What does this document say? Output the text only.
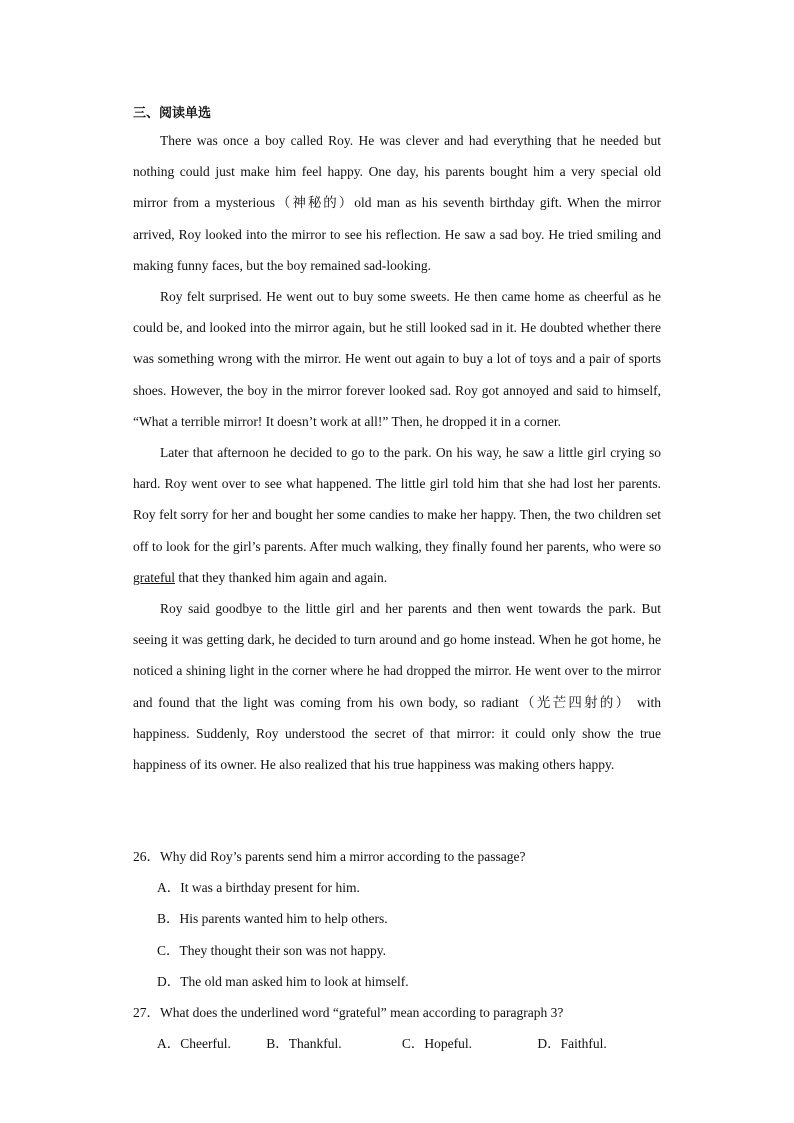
三、阅读单选

There was once a boy called Roy. He was clever and had everything that he needed but nothing could just make him feel happy. One day, his parents bought him a very special old mirror from a mysterious（神秘的）old man as his seventh birthday gift. When the mirror arrived, Roy looked into the mirror to see his reflection. He saw a sad boy. He tried smiling and making funny faces, but the boy remained sad-looking.

Roy felt surprised. He went out to buy some sweets. He then came home as cheerful as he could be, and looked into the mirror again, but he still looked sad in it. He doubted whether there was something wrong with the mirror. He went out again to buy a lot of toys and a pair of sports shoes. However, the boy in the mirror forever looked sad. Roy got annoyed and said to himself, “What a terrible mirror! It doesn’t work at all!” Then, he dropped it in a corner.

Later that afternoon he decided to go to the park. On his way, he saw a little girl crying so hard. Roy went over to see what happened. The little girl told him that she had lost her parents. Roy felt sorry for her and bought her some candies to make her happy. Then, the two children set off to look for the girl’s parents. After much walking, they finally found her parents, who were so grateful that they thanked him again and again.

Roy said goodbye to the little girl and her parents and then went towards the park. But seeing it was getting dark, he decided to turn around and go home instead. When he got home, he noticed a shining light in the corner where he had dropped the mirror. He went over to the mirror and found that the light was coming from his own body, so radiant（光芒四射的） with happiness. Suddenly, Roy understood the secret of that mirror: it could only show the true happiness of its owner. He also realized that his true happiness was making others happy.

26．Why did Roy’s parents send him a mirror according to the passage?
A．It was a birthday present for him.
B．His parents wanted him to help others.
C．They thought their son was not happy.
D．The old man asked him to look at himself.
27．What does the underlined word “grateful” mean according to paragraph 3?
A．Cheerful.	B．Thankful.	C．Hopeful.	D．Faithful.
